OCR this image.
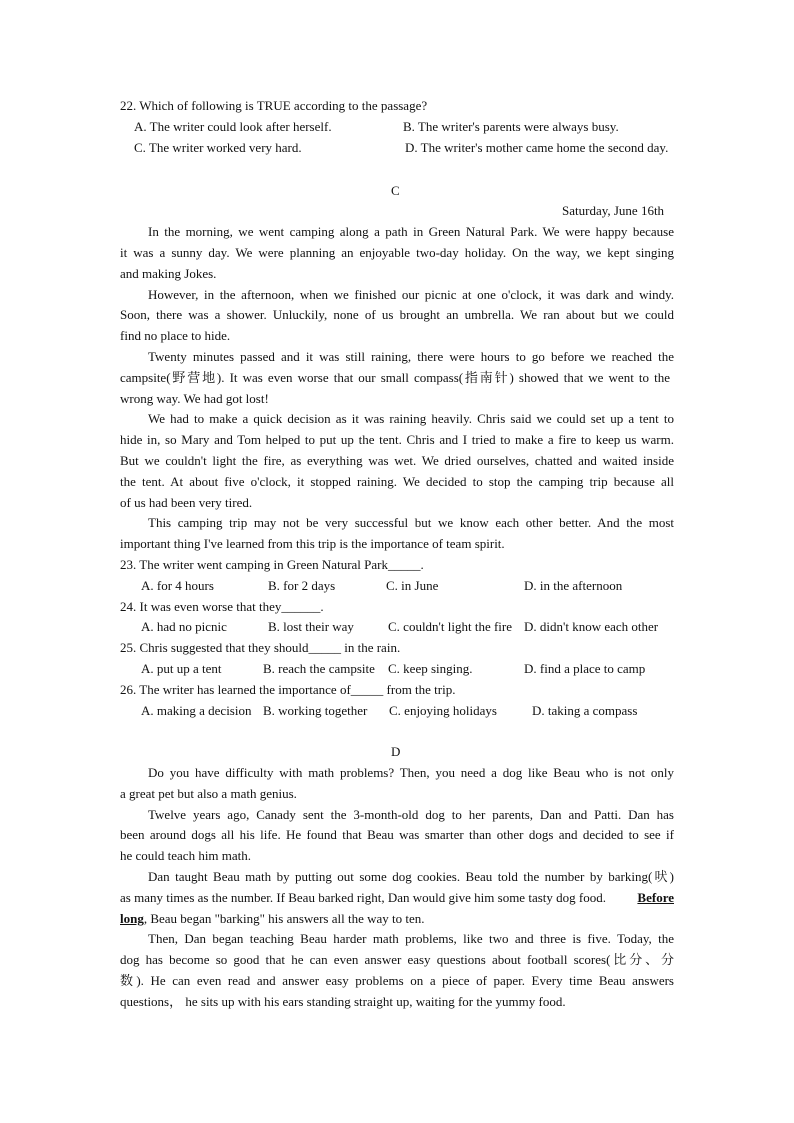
22. Which of following is TRUE according to the passage?
A. The writer could look after herself.	B. The writer's parents were always busy.
C. The writer worked very hard.	D. The writer's mother came home the second day.
C
Saturday, June 16th
In the morning, we went camping along a path in Green Natural Park. We were happy because
it was a sunny day. We were planning an enjoyable two-day holiday. On the way, we kept singing
and making Jokes.
However, in the afternoon, when we finished our picnic at one o'clock, it was dark and windy.
Soon, there was a shower. Unluckily, none of us brought an umbrella. We ran about but we could
find no place to hide.
Twenty minutes passed and it was still raining, there were hours to go before we reached the
campsite(野营地). It was even worse that our small compass(指南针) showed that we went to the
wrong way. We had got lost!
We had to make a quick decision as it was raining heavily. Chris said we could set up a tent to
hide in, so Mary and Tom helped to put up the tent. Chris and I tried to make a fire to keep us warm.
But we couldn't light the fire, as everything was wet. We dried ourselves, chatted and waited inside
the tent. At about five o'clock, it stopped raining. We decided to stop the camping trip because all
of us had been very tired.
This camping trip may not be very successful but we know each other better. And the most
important thing I've learned from this trip is the importance of team spirit.
23. The writer went camping in Green Natural Park_____.
A. for 4 hours	B. for 2 days	C. in June	D. in the afternoon
24. It was even worse that they______.
A. had no picnic	B. lost their way	C. couldn't light the fire D. didn't know each other
25. Chris suggested that they should_____ in the rain.
A. put up a tent	B. reach the campsite C. keep singing.	D. find a place to camp
26. The writer has learned the importance of_____ from the trip.
A. making a decision B. working together C. enjoying holidays	D. taking a compass
D
Do you have difficulty with math problems? Then, you need a dog like Beau who is not only
a great pet but also a math genius.
Twelve years ago, Canady sent the 3-month-old dog to her parents, Dan and Patti. Dan has
been around dogs all his life. He found that Beau was smarter than other dogs and decided to see if
he could teach him math.
Dan taught Beau math by putting out some dog cookies. Beau told the number by barking(吠)
as many times as the number. If Beau barked right, Dan would give him some tasty dog food. Before
long, Beau began "barking" his answers all the way to ten.
Then, Dan began teaching Beau harder math problems, like two and three is five. Today, the
dog has become so good that he can even answer easy questions about football scores(比分、分
数). He can even read and answer easy problems on a piece of paper. Every time Beau answers
questions， he sits up with his ears standing straight up, waiting for the yummy food.
